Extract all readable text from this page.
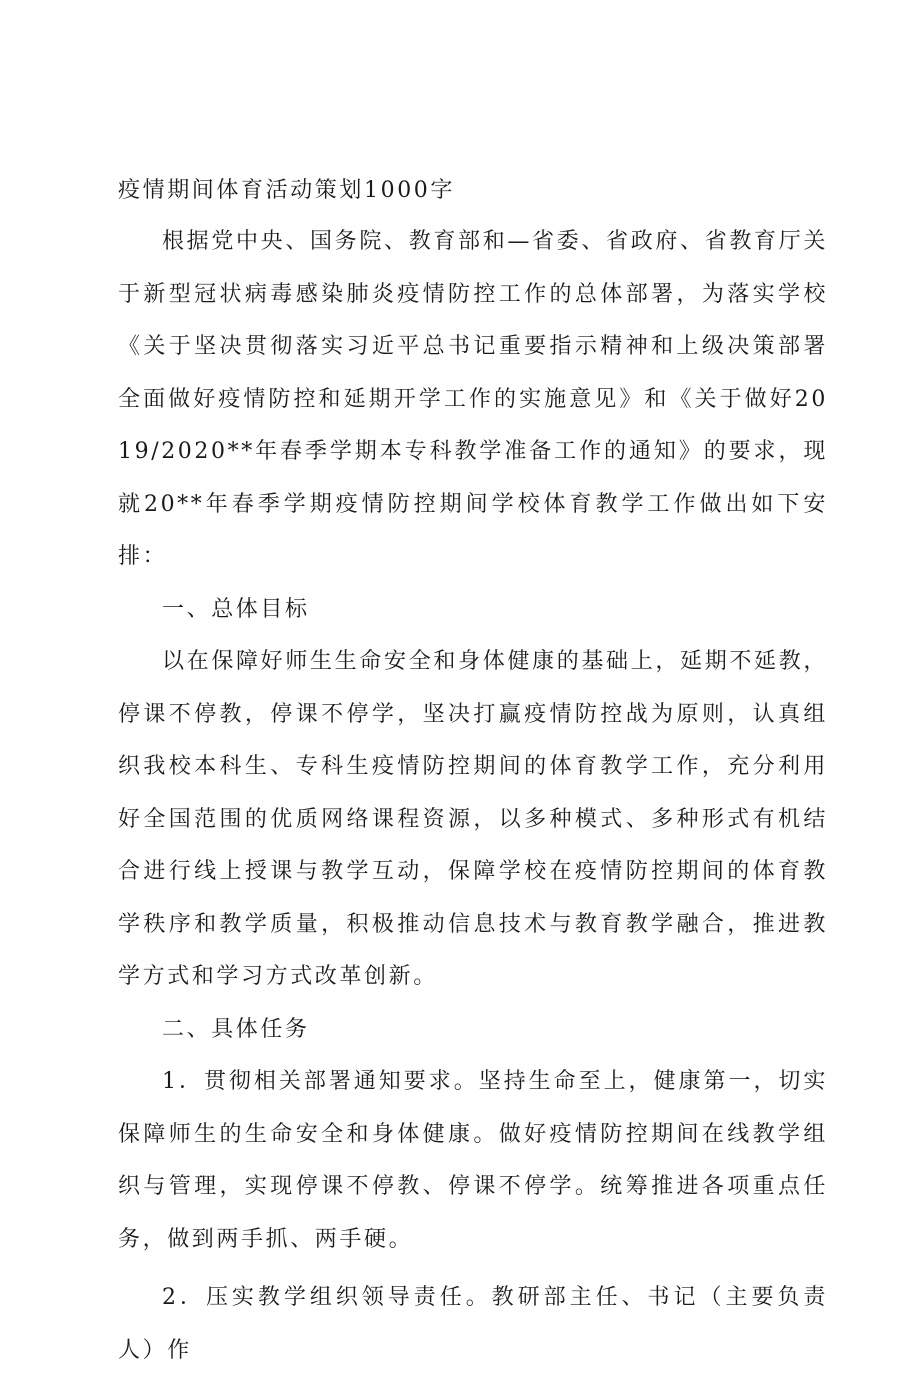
疫情期间体育活动策划1000字

根据党中央、国务院、教育部和—省委、省政府、省教育厅关于新型冠状病毒感染肺炎疫情防控工作的总体部署，为落实学校《关于坚决贯彻落实习近平总书记重要指示精神和上级决策部署全面做好疫情防控和延期开学工作的实施意见》和《关于做好2019/2020**年春季学期本专科教学准备工作的通知》的要求，现就20**年春季学期疫情防控期间学校体育教学工作做出如下安排：

一、总体目标

以在保障好师生生命安全和身体健康的基础上，延期不延教，停课不停教，停课不停学，坚决打赢疫情防控战为原则，认真组织我校本科生、专科生疫情防控期间的体育教学工作，充分利用好全国范围的优质网络课程资源，以多种模式、多种形式有机结合进行线上授课与教学互动，保障学校在疫情防控期间的体育教学秩序和教学质量，积极推动信息技术与教育教学融合，推进教学方式和学习方式改革创新。

二、具体任务

1．贯彻相关部署通知要求。坚持生命至上，健康第一，切实保障师生的生命安全和身体健康。做好疫情防控期间在线教学组织与管理，实现停课不停教、停课不停学。统筹推进各项重点任务，做到两手抓、两手硬。

2．压实教学组织领导责任。教研部主任、书记（主要负责人）作
